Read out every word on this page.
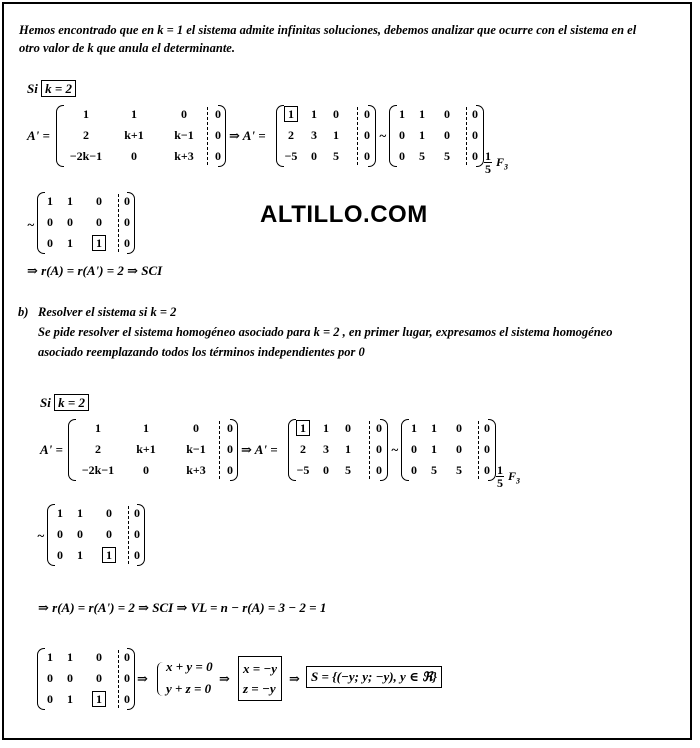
Hemos encontrado que en k = 1 el sistema admite infinitas soluciones, debemos analizar que ocurre con el sistema en el
otro valor de k que anula el determinante.
Si k = 2
A' =
1	1	0	0
2	k+1	k−1	0
−2k−1	0	k+3	0
⇒ A' =
1	1	0	0
2	3	1	0
−5	0	5	0
~
1	1	0	0
0	1	0	0
0	5	5	$0 \frac{1}{5} F_3$
~
1	1	0	0
0	0	0	0
0	1	1	0
ALTILLO.COM
⇒ r(A) = r(A') = 2 ⇒ SCI
b) Resolver el sistema si k = 2
Se pide resolver el sistema homogéneo asociado para k = 2 , en primer lugar, expresamos el sistema homogéneo
asociado reemplazando todos los términos independientes por 0
Si k = 2
A' =
1	1	0	0
2	k+1	k−1	0
−2k−1	0	k+3	0
⇒ A' =
1	1	0	0
2	3	1	0
−5	0	5	0
~
1	1	0	0
0	1	0	0
0	5	5	$0 \frac{1}{5} F_3$
~
1	1	0	0
0	0	0	0
0	1	1	0
⇒ r(A) = r(A') = 2 ⇒ SCI ⇒ VL = n − r(A) = 3 − 2 = 1
1	1	0	0
0	0	0	0
0	1	1	0
⇒
x + y = 0
y + z = 0
⇒
x = −y
z = −y
⇒ S = {(−y; y; −y), y ∈ ℜ}
